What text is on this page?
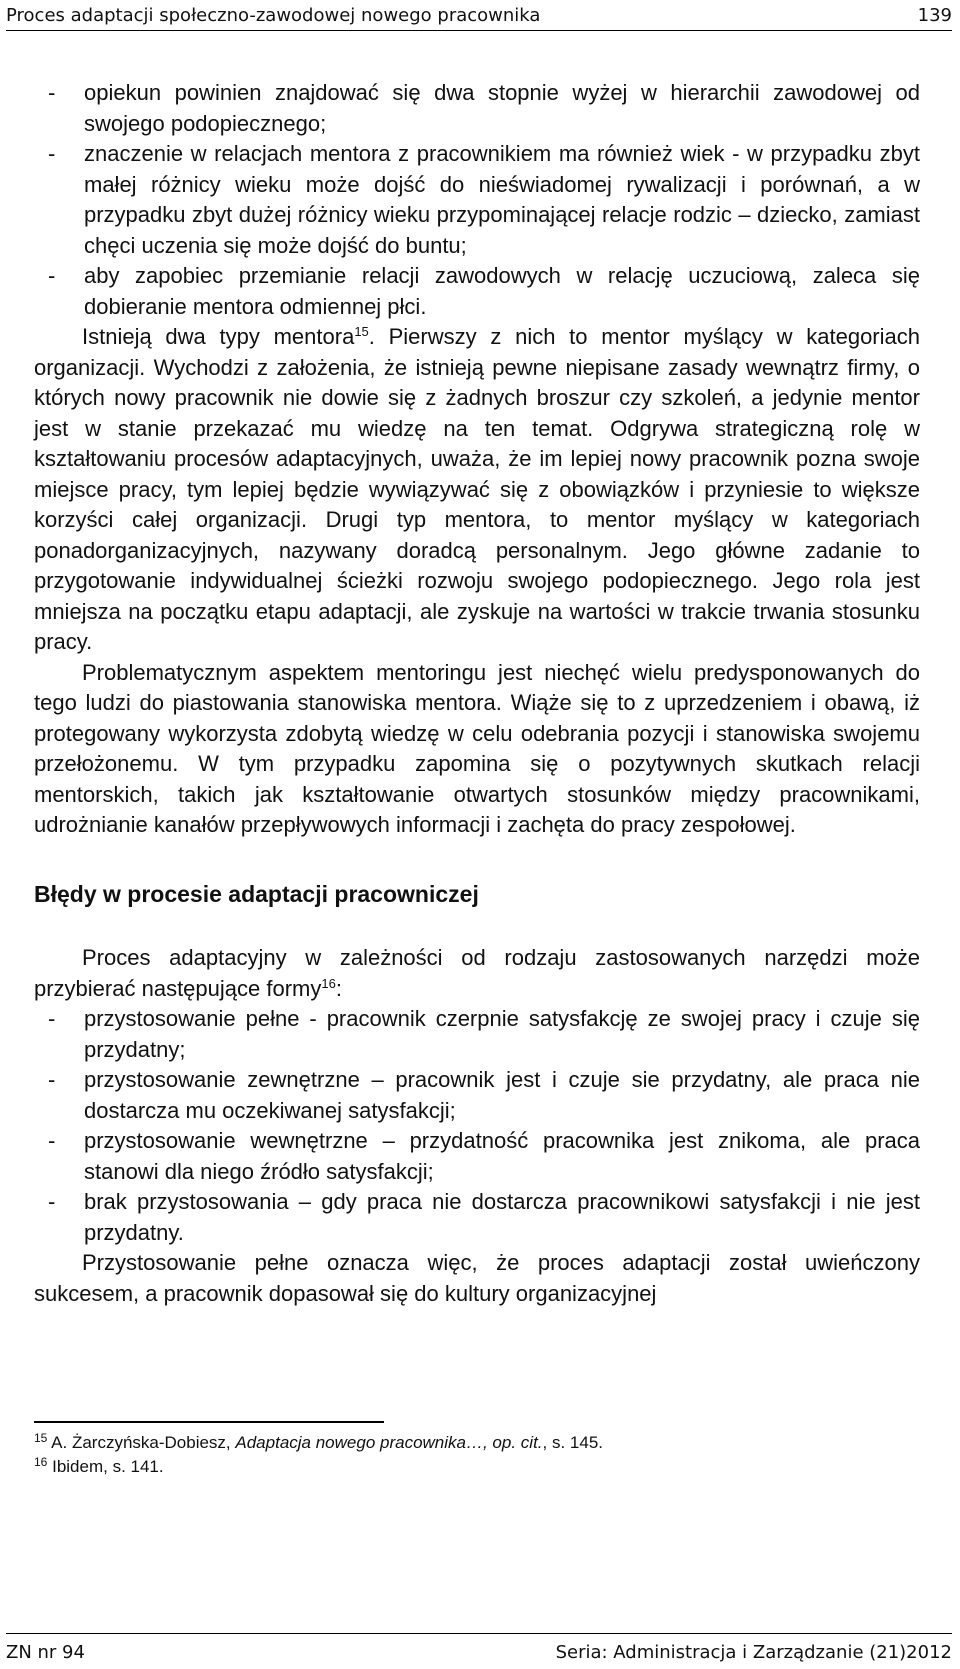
Proces adaptacji społeczno-zawodowej nowego pracownika	139
- opiekun powinien znajdować się dwa stopnie wyżej w hierarchii zawodowej od swojego podopiecznego;
- znaczenie w relacjach mentora z pracownikiem ma również wiek - w przypadku zbyt małej różnicy wieku może dojść do nieświadomej rywalizacji i porównań, a w przypadku zbyt dużej różnicy wieku przypominającej relacje rodzic – dziecko, zamiast chęci uczenia się może dojść do buntu;
- aby zapobiec przemianie relacji zawodowych w relację uczuciową, zaleca się dobieranie mentora odmiennej płci.

Istnieją dwa typy mentora$^{15}$. Pierwszy z nich to mentor myślący w kategoriach organizacji. Wychodzi z założenia, że istnieją pewne niepisane zasady wewnątrz firmy, o których nowy pracownik nie dowie się z żadnych broszur czy szkoleń, a jedynie mentor jest w stanie przekazać mu wiedzę na ten temat. Odgrywa strategiczną rolę w kształtowaniu procesów adaptacyjnych, uważa, że im lepiej nowy pracownik pozna swoje miejsce pracy, tym lepiej będzie wywiązywać się z obowiązków i przyniesie to większe korzyści całej organizacji. Drugi typ mentora, to mentor myślący w kategoriach ponadorganizacyjnych, nazywany doradcą personalnym. Jego główne zadanie to przygotowanie indywidualnej ścieżki rozwoju swojego podopiecznego. Jego rola jest mniejsza na początku etapu adaptacji, ale zyskuje na wartości w trakcie trwania stosunku pracy.

Problematycznym aspektem mentoringu jest niechęć wielu predysponowanych do tego ludzi do piastowania stanowiska mentora. Wiąże się to z uprzedzeniem i obawą, iż protegowany wykorzysta zdobytą wiedzę w celu odebrania pozycji i stanowiska swojemu przełożonemu. W tym przypadku zapomina się o pozytywnych skutkach relacji mentorskich, takich jak kształtowanie otwartych stosunków między pracownikami, udrożnianie kanałów przepływowych informacji i zachęta do pracy zespołowej.

Błędy w procesie adaptacji pracowniczej

Proces adaptacyjny w zależności od rodzaju zastosowanych narzędzi może przybierać następujące formy$^{16}$:

- przystosowanie pełne - pracownik czerpnie satysfakcję ze swojej pracy i czuje się przydatny;
- przystosowanie zewnętrzne – pracownik jest i czuje sie przydatny, ale praca nie dostarcza mu oczekiwanej satysfakcji;
- przystosowanie wewnętrzne – przydatność pracownika jest znikoma, ale praca stanowi dla niego źródło satysfakcji;
- brak przystosowania – gdy praca nie dostarcza pracownikowi satysfakcji i nie jest przydatny.

Przystosowanie pełne oznacza więc, że proces adaptacji został uwieńczony sukcesem, a pracownik dopasował się do kultury organizacyjnej

$^{15}$ A. Żarczyńska-Dobiesz, Adaptacja nowego pracownika…, op. cit., s. 145.
$^{16}$ Ibidem, s. 141.
ZN nr 94	Seria: Administracja i Zarządzanie (21)2012
